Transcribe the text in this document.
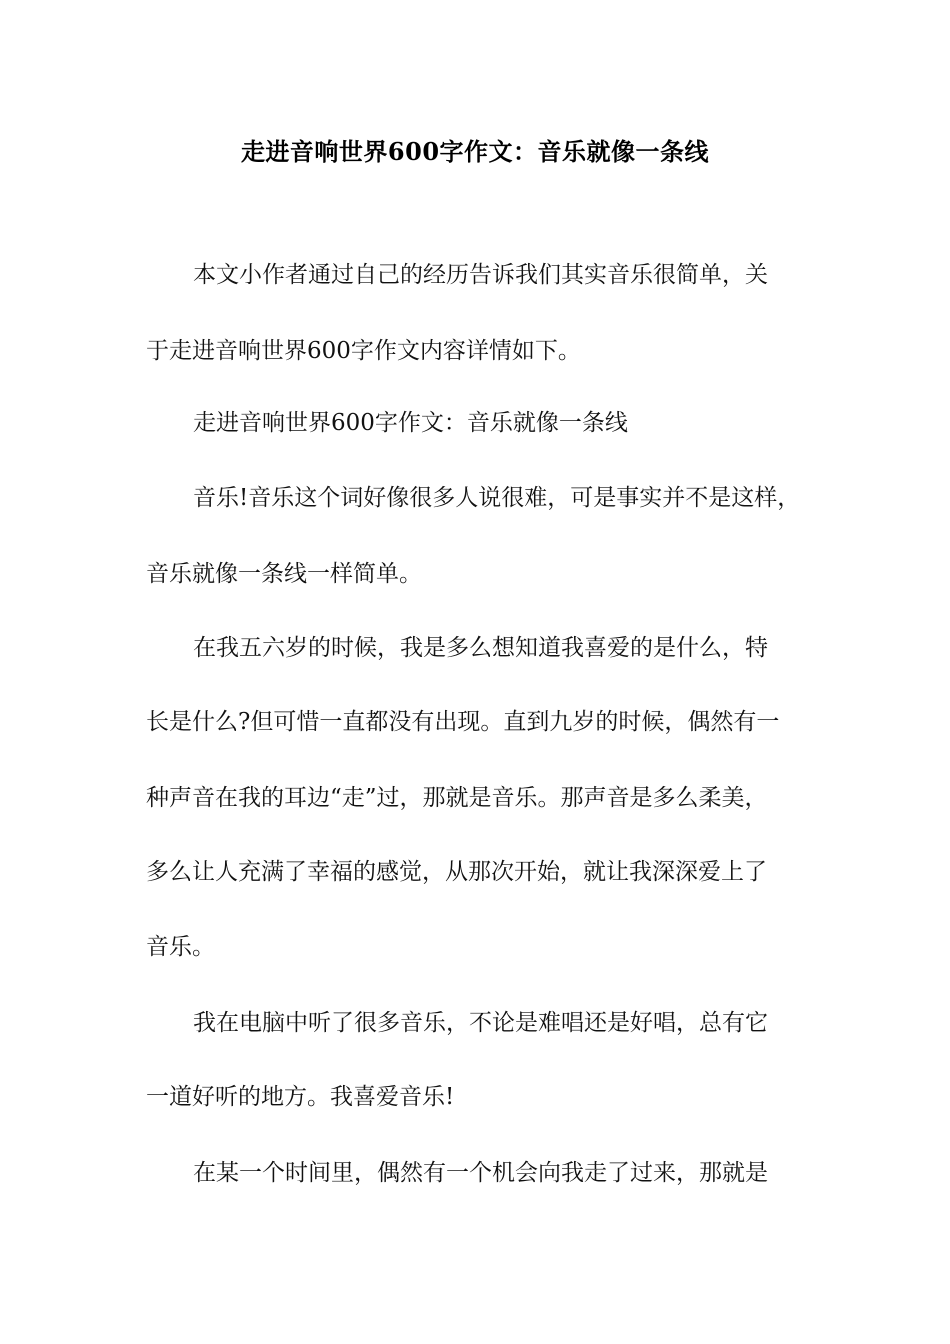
走进音响世界600字作文：音乐就像一条线
本文小作者通过自己的经历告诉我们其实音乐很简单，关
于走进音响世界600字作文内容详情如下。
走进音响世界600字作文：音乐就像一条线
音乐!音乐这个词好像很多人说很难，可是事实并不是这样，
音乐就像一条线一样简单。
在我五六岁的时候，我是多么想知道我喜爱的是什么，特
长是什么?但可惜一直都没有出现。直到九岁的时候，偶然有一
种声音在我的耳边“走”过，那就是音乐。那声音是多么柔美，
多么让人充满了幸福的感觉，从那次开始，就让我深深爱上了
音乐。
我在电脑中听了很多音乐，不论是难唱还是好唱，总有它
一道好听的地方。我喜爱音乐!
在某一个时间里，偶然有一个机会向我走了过来，那就是
